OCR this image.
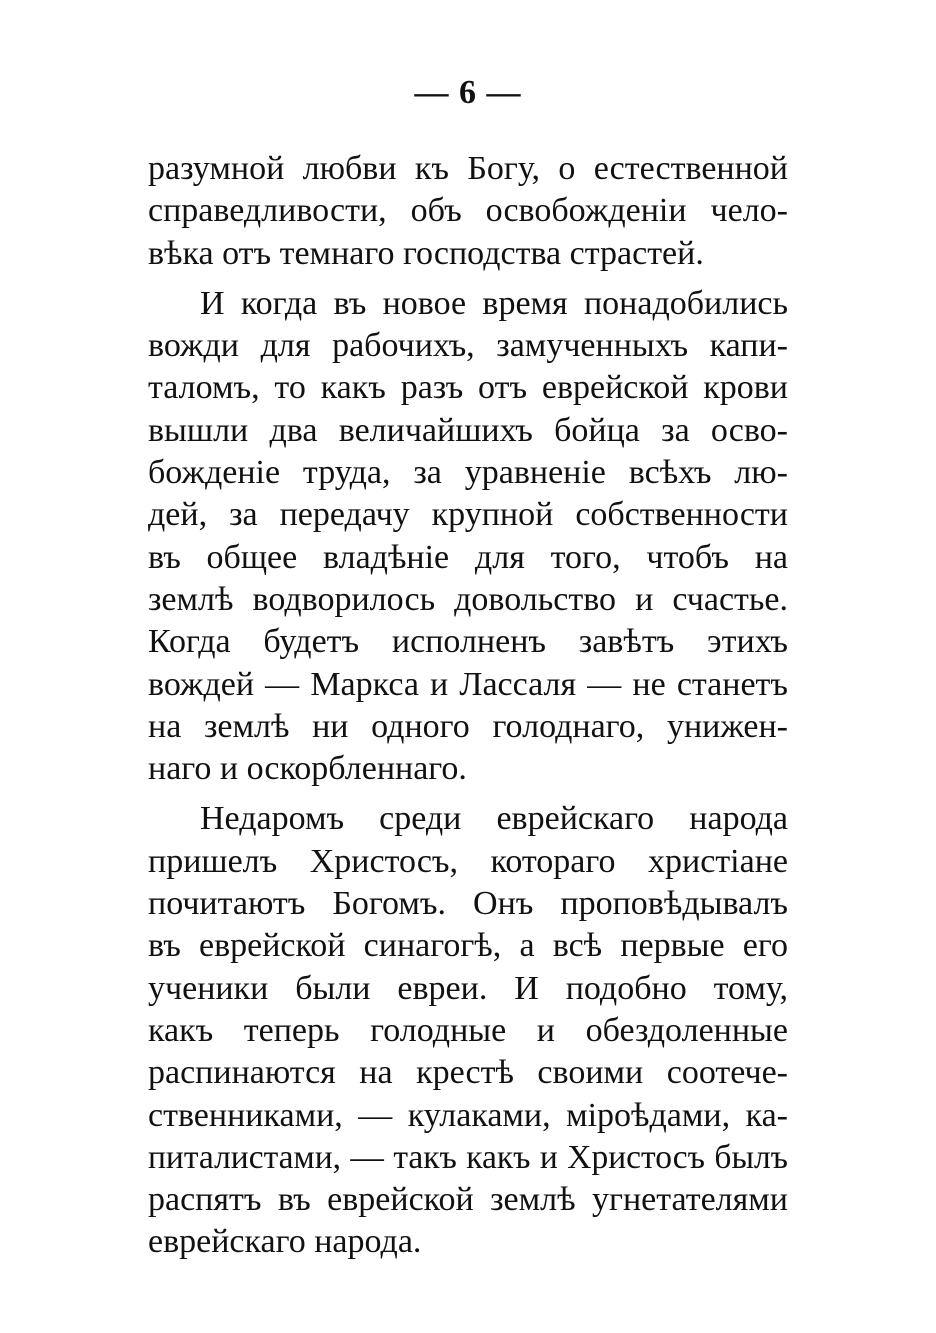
— 6 —
разумной любви къ Богу, о естественной
справедливости, объ освобожденіи чело-
вѣка отъ темнаго господства страстей.
И когда въ новое время понадобились
вожди для рабочихъ, замученныхъ капи-
таломъ, то какъ разъ отъ еврейской крови
вышли два величайшихъ бойца за осво-
божденіе труда, за уравненіе всѣхъ лю-
дей, за передачу крупной собственности
въ общее владѣніе для того, чтобъ на
землѣ водворилось довольство и счастье.
Когда будетъ исполненъ завѣтъ этихъ
вождей — Маркса и Лассаля — не станетъ
на землѣ ни одного голоднаго, унижен-
наго и оскорбленнаго.
Недаромъ среди еврейскаго народа
пришелъ Христосъ, котораго христіане
почитаютъ Богомъ. Онъ проповѣдывалъ
въ еврейской синагогѣ, а всѣ первые его
ученики были евреи. И подобно тому,
какъ теперь голодные и обездоленные
распинаются на крестѣ своими соотече-
ственниками, — кулаками, міроѣдами, ка-
питалистами, — такъ какъ и Христосъ былъ
распятъ въ еврейской землѣ угнетателями
еврейскаго народа.
